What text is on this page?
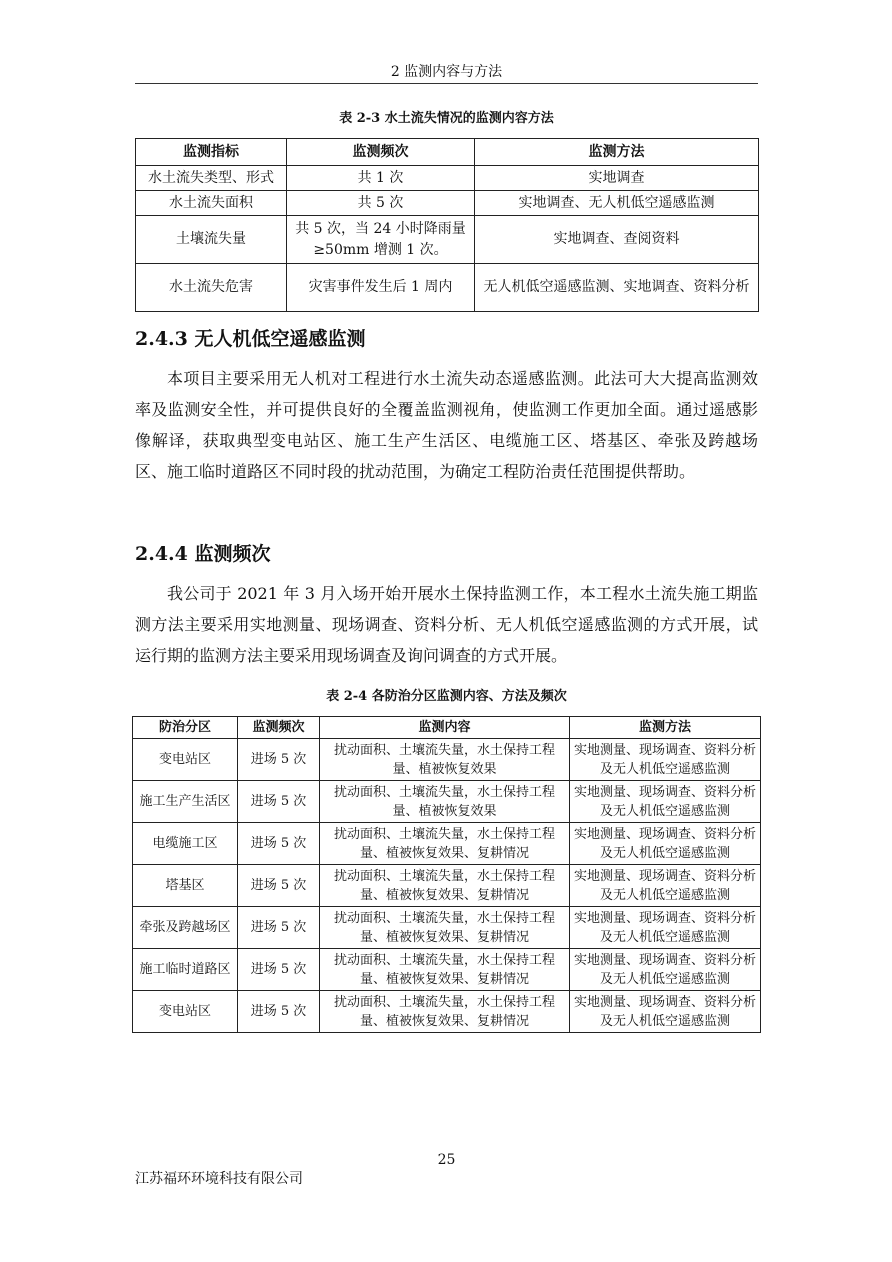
2 监测内容与方法
表 2-3 水土流失情况的监测内容方法
监测指标	监测频次	监测方法
水土流失类型、形式	共 1 次	实地调查
水土流失面积	共 5 次	实地调查、无人机低空遥感监测
土壤流失量	共 5 次，当 24 小时降雨量≥50mm 增测 1 次。	实地调查、查阅资料
水土流失危害	灾害事件发生后 1 周内	无人机低空遥感监测、实地调查、资料分析
2.4.3 无人机低空遥感监测

本项目主要采用无人机对工程进行水土流失动态遥感监测。此法可大大提高监测效率及监测安全性，并可提供良好的全覆盖监测视角，使监测工作更加全面。通过遥感影像解译，获取典型变电站区、施工生产生活区、电缆施工区、塔基区、牵张及跨越场区、施工临时道路区不同时段的扰动范围，为确定工程防治责任范围提供帮助。

2.4.4 监测频次

我公司于 2021 年 3 月入场开始开展水土保持监测工作，本工程水土流失施工期监测方法主要采用实地测量、现场调查、资料分析、无人机低空遥感监测的方式开展，试运行期的监测方法主要采用现场调查及询问调查的方式开展。

表 2-4 各防治分区监测内容、方法及频次
防治分区	监测频次	监测内容	监测方法
变电站区	进场 5 次	扰动面积、土壤流失量，水土保持工程量、植被恢复效果	实地测量、现场调查、资料分析及无人机低空遥感监测
施工生产生活区	进场 5 次	扰动面积、土壤流失量，水土保持工程量、植被恢复效果	实地测量、现场调查、资料分析及无人机低空遥感监测
电缆施工区	进场 5 次	扰动面积、土壤流失量，水土保持工程量、植被恢复效果、复耕情况	实地测量、现场调查、资料分析及无人机低空遥感监测
塔基区	进场 5 次	扰动面积、土壤流失量，水土保持工程量、植被恢复效果、复耕情况	实地测量、现场调查、资料分析及无人机低空遥感监测
牵张及跨越场区	进场 5 次	扰动面积、土壤流失量，水土保持工程量、植被恢复效果、复耕情况	实地测量、现场调查、资料分析及无人机低空遥感监测
施工临时道路区	进场 5 次	扰动面积、土壤流失量，水土保持工程量、植被恢复效果、复耕情况	实地测量、现场调查、资料分析及无人机低空遥感监测
变电站区	进场 5 次	扰动面积、土壤流失量，水土保持工程量、植被恢复效果、复耕情况	实地测量、现场调查、资料分析及无人机低空遥感监测
25
江苏福环环境科技有限公司
